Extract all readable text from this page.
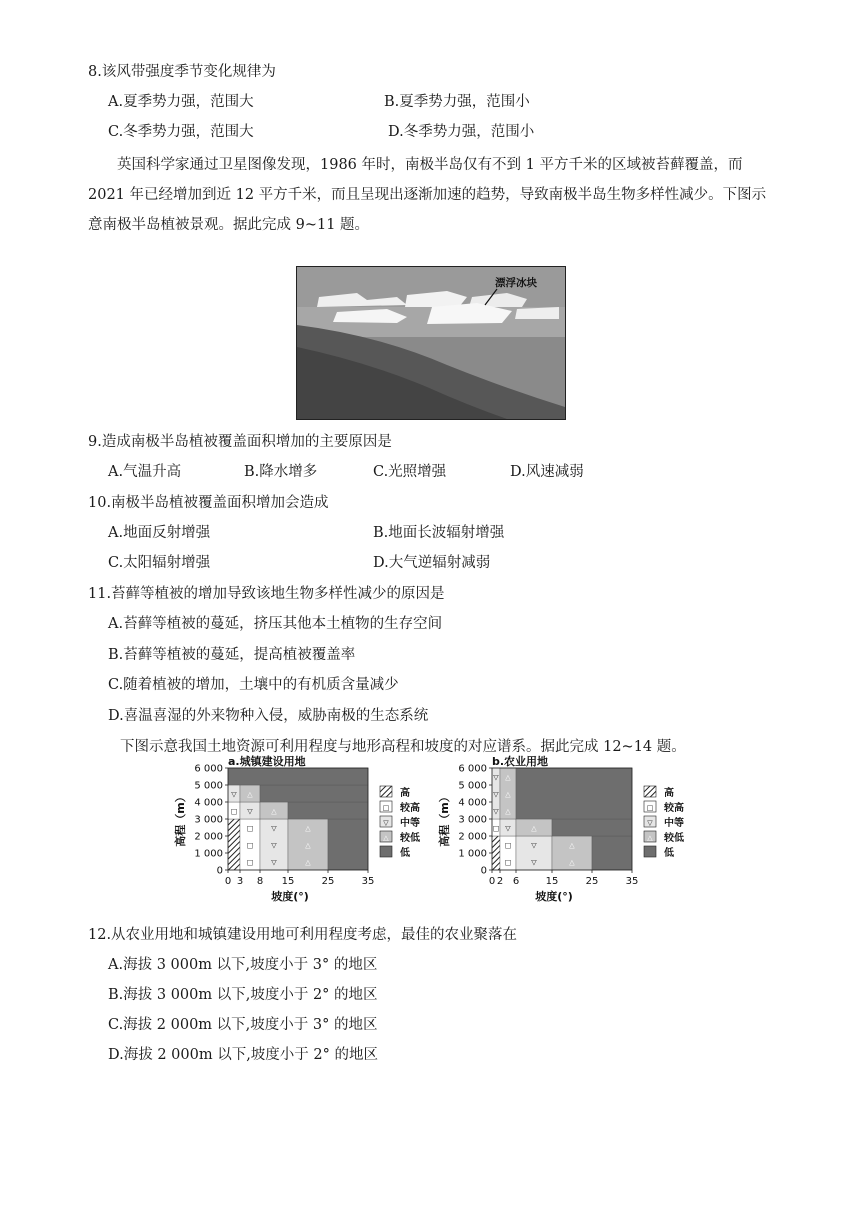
8.该风带强度季节变化规律为
A.夏季势力强，范围大	B.夏季势力强，范围小
C.冬季势力强，范围大	D.冬季势力强，范围小
英国科学家通过卫星图像发现，1986 年时，南极半岛仅有不到 1 平方千米的区域被苔藓覆盖，而 2021 年已经增加到近 12 平方千米，而且呈现出逐渐加速的趋势，导致南极半岛生物多样性减少。下图示意南极半岛植被景观。据此完成 9~11 题。
漂浮冰块
9.造成南极半岛植被覆盖面积增加的主要原因是
A.气温升高	B.降水增多	C.光照增强	D.风速减弱
10.南极半岛植被覆盖面积增加会造成
A.地面反射增强	B.地面长波辐射增强
C.太阳辐射增强	D.大气逆辐射减弱
11.苔藓等植被的增加导致该地生物多样性减少的原因是
A.苔藓等植被的蔓延，挤压其他本土植物的生存空间
B.苔藓等植被的蔓延，提高植被覆盖率
C.随着植被的增加，土壤中的有机质含量减少
D.喜温喜湿的外来物种入侵，威胁南极的生态系统
下图示意我国土地资源可利用程度与地形高程和坡度的对应谱系。据此完成 12~14 题。
a.城镇建设用地
□
□
□
▽
▽
▽
△
△
△
□ ▽	△
▽ △
0
1 000
2 000
3 000
4 000
5 000
6 000
0 3 8 15	25	35
坡度(°)
高程（m）	高
□ 较高
▽ 中等
△ 较低
低
b.农业用地
□
□
▽
▽
△
△
□ ▽	△
▽
▽
▽
△
△
△
0
1 000
2 000
3 000
4 000
5 000
6 000
0 2 6	15	25	35
坡度(°)
高程（m）	高
□ 较高
▽ 中等
△ 较低
低
12.从农业用地和城镇建设用地可利用程度考虑，最佳的农业聚落在
A.海拔 3 000m 以下,坡度小于 3° 的地区
B.海拔 3 000m 以下,坡度小于 2° 的地区
C.海拔 2 000m 以下,坡度小于 3° 的地区
D.海拔 2 000m 以下,坡度小于 2° 的地区
